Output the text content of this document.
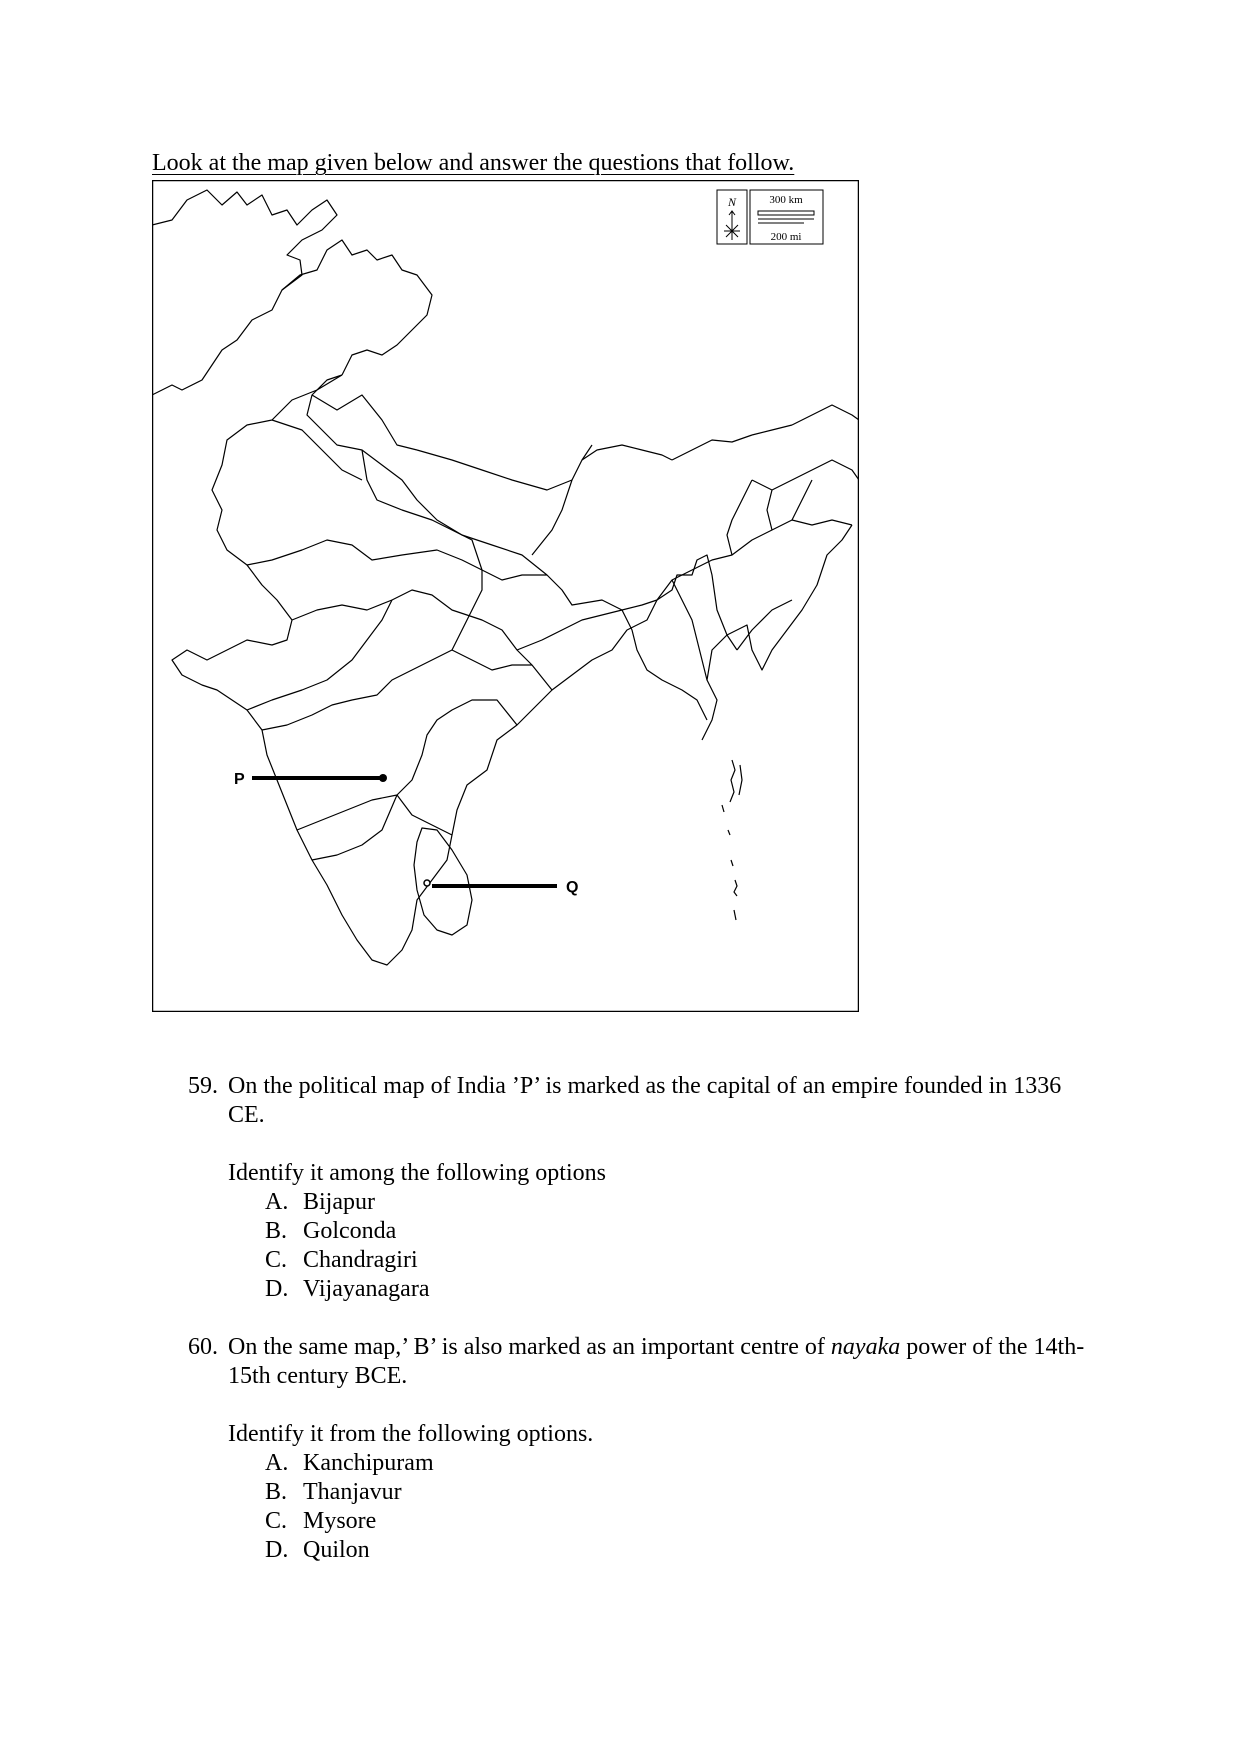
Look at the map given below and answer the questions that follow.
N	300 km
200 mi
P
Q
59. On the political map of India ’P’ is marked as the capital of an empire founded in 1336 CE.
Identify it among the following options
A. Bijapur
B. Golconda
C. Chandragiri
D. Vijayanagara
60. On the same map,’ B’ is also marked as an important centre of nayaka power of the 14th-15th century BCE.
Identify it from the following options.
A. Kanchipuram
B. Thanjavur
C. Mysore
D. Quilon
